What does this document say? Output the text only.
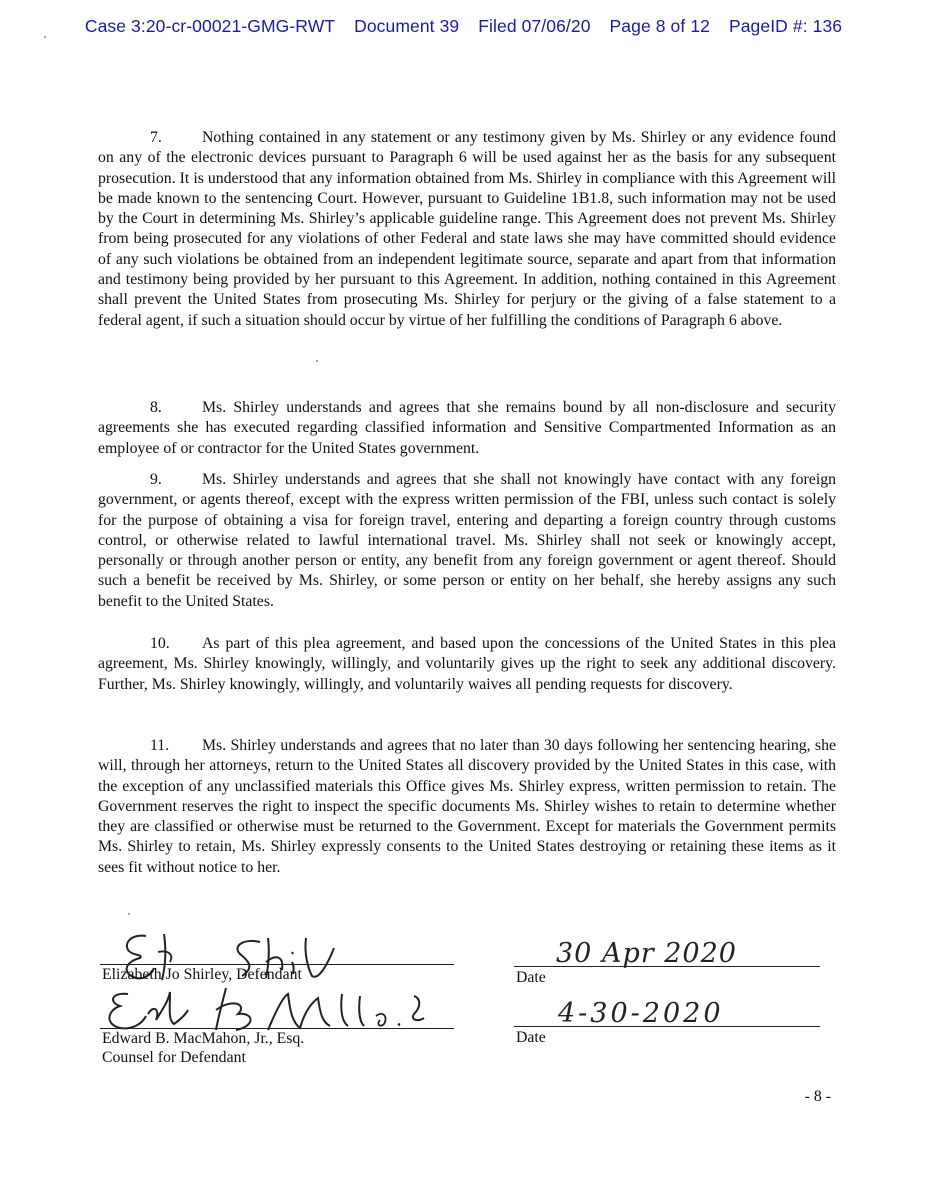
Case 3:20-cr-00021-GMG-RWT Document 39 Filed 07/06/20 Page 8 of 12 PageID #: 136

7.	Nothing contained in any statement or any testimony given by Ms. Shirley or any evidence found on any of the electronic devices pursuant to Paragraph 6 will be used against her as the basis for any subsequent prosecution. It is understood that any information obtained from Ms. Shirley in compliance with this Agreement will be made known to the sentencing Court. However, pursuant to Guideline 1B1.8, such information may not be used by the Court in determining Ms. Shirley’s applicable guideline range. This Agreement does not prevent Ms. Shirley from being prosecuted for any violations of other Federal and state laws she may have committed should evidence of any such violations be obtained from an independent legitimate source, separate and apart from that information and testimony being provided by her pursuant to this Agreement. In addition, nothing contained in this Agreement shall prevent the United States from prosecuting Ms. Shirley for perjury or the giving of a false statement to a federal agent, if such a situation should occur by virtue of her fulfilling the conditions of Paragraph 6 above.

8.	Ms. Shirley understands and agrees that she remains bound by all non-disclosure and security agreements she has executed regarding classified information and Sensitive Compartmented Information as an employee of or contractor for the United States government.

9.	Ms. Shirley understands and agrees that she shall not knowingly have contact with any foreign government, or agents thereof, except with the express written permission of the FBI, unless such contact is solely for the purpose of obtaining a visa for foreign travel, entering and departing a foreign country through customs control, or otherwise related to lawful international travel. Ms. Shirley shall not seek or knowingly accept, personally or through another person or entity, any benefit from any foreign government or agent thereof. Should such a benefit be received by Ms. Shirley, or some person or entity on her behalf, she hereby assigns any such benefit to the United States.

10. As part of this plea agreement, and based upon the concessions of the United States in this plea agreement, Ms. Shirley knowingly, willingly, and voluntarily gives up the right to seek any additional discovery. Further, Ms. Shirley knowingly, willingly, and voluntarily waives all pending requests for discovery.

11. Ms. Shirley understands and agrees that no later than 30 days following her sentencing hearing, she will, through her attorneys, return to the United States all discovery provided by the United States in this case, with the exception of any unclassified materials this Office gives Ms. Shirley express, written permission to retain. The Government reserves the right to inspect the specific documents Ms. Shirley wishes to retain to determine whether they are classified or otherwise must be returned to the Government. Except for materials the Government permits Ms. Shirley to retain, Ms. Shirley expressly consents to the United States destroying or retaining these items as it sees fit without notice to her.

Elizabeth Jo Shirley, Defendant
30 Apr 2020
Date
Edward B. MacMahon, Jr., Esq.
Counsel for Defendant
4-30-2020
Date
- 8 -
